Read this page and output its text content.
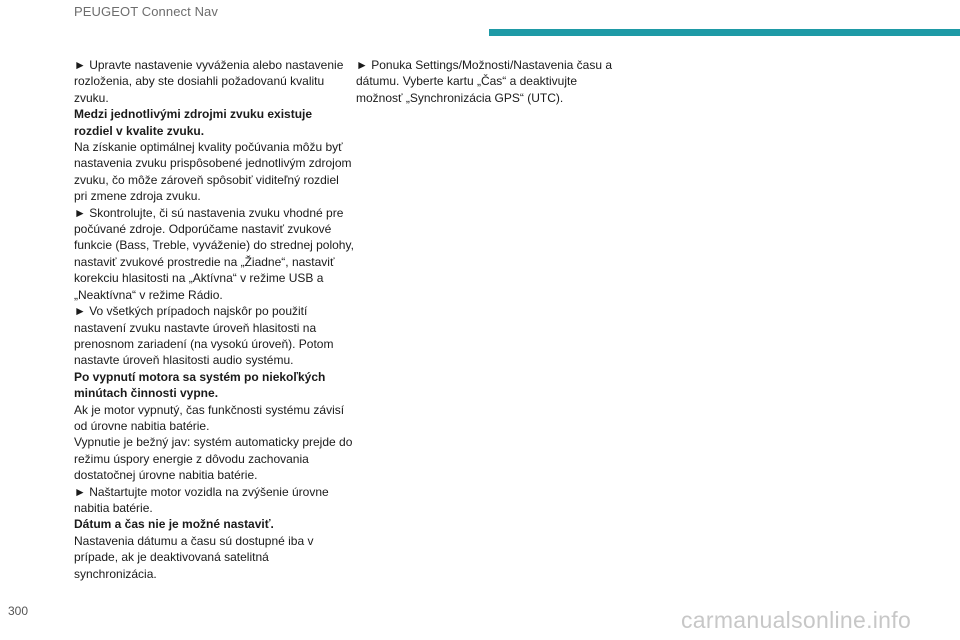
PEUGEOT Connect Nav

► Upravte nastavenie vyváženia alebo nastavenie rozloženia, aby ste dosiahli požadovanú kvalitu zvuku.

Medzi jednotlivými zdrojmi zvuku existuje rozdiel v kvalite zvuku.

Na získanie optimálnej kvality počúvania môžu byť nastavenia zvuku prispôsobené jednotlivým zdrojom zvuku, čo môže zároveň spôsobiť viditeľný rozdiel pri zmene zdroja zvuku.

► Skontrolujte, či sú nastavenia zvuku vhodné pre počúvané zdroje. Odporúčame nastaviť zvukové funkcie (Bass, Treble, vyváženie) do strednej polohy, nastaviť zvukové prostredie na „Žiadne“, nastaviť korekciu hlasitosti na „Aktívna“ v režime USB a „Neaktívna“ v režime Rádio.

► Vo všetkých prípadoch najskôr po použití nastavení zvuku nastavte úroveň hlasitosti na prenosnom zariadení (na vysokú úroveň). Potom nastavte úroveň hlasitosti audio systému.

Po vypnutí motora sa systém po niekoľkých minútach činnosti vypne.

Ak je motor vypnutý, čas funkčnosti systému závisí od úrovne nabitia batérie.

Vypnutie je bežný jav: systém automaticky prejde do režimu úspory energie z dôvodu zachovania dostatočnej úrovne nabitia batérie.

► Naštartujte motor vozidla na zvýšenie úrovne nabitia batérie.

Dátum a čas nie je možné nastaviť.

Nastavenia dátumu a času sú dostupné iba v prípade, ak je deaktivovaná satelitná synchronizácia.

► Ponuka Settings/Možnosti/Nastavenia času a dátumu. Vyberte kartu „Čas“ a deaktivujte možnosť „Synchronizácia GPS“ (UTC).

300	carmanualsonline.info
